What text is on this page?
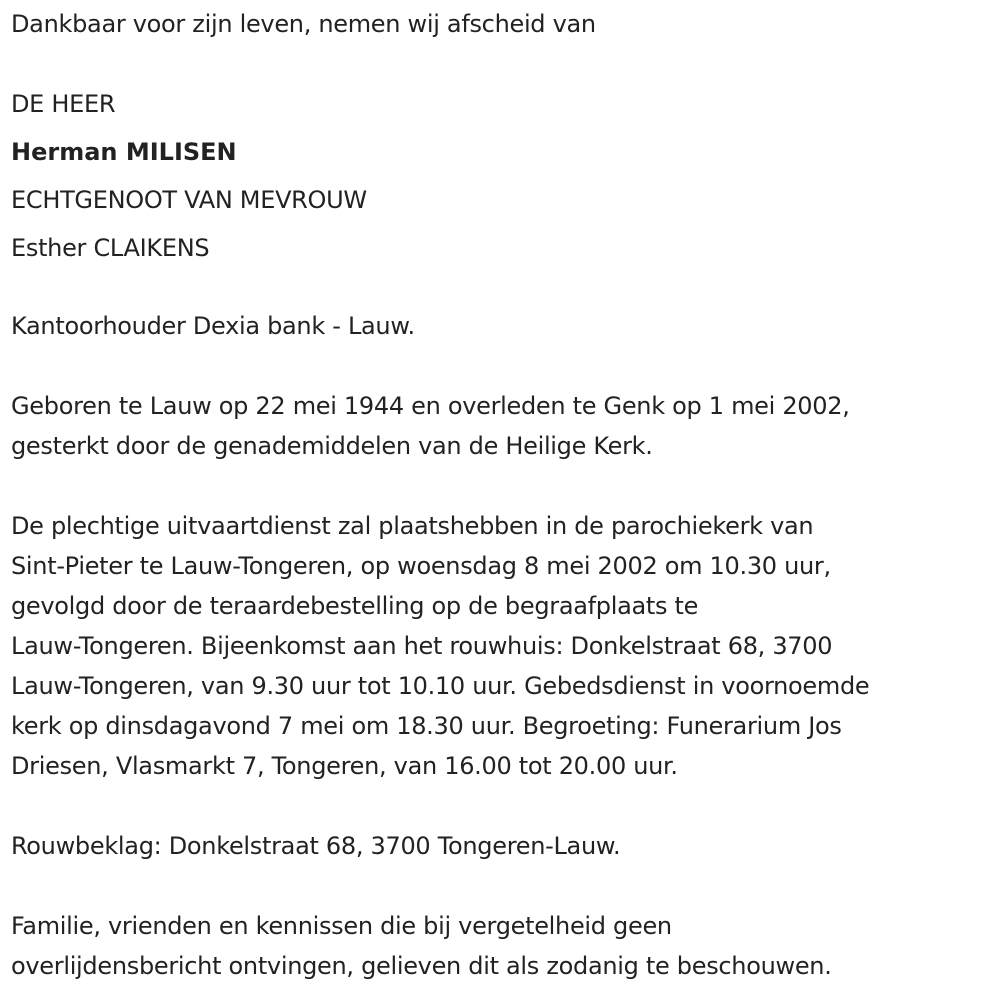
Dankbaar voor zijn leven, nemen wij afscheid van

DE HEER

Herman MILISEN

ECHTGENOOT VAN MEVROUW

Esther CLAIKENS

Kantoorhouder Dexia bank - Lauw.

Geboren te Lauw op 22 mei 1944 en overleden te Genk op 1 mei 2002,

gesterkt door de genademiddelen van de Heilige Kerk.

De plechtige uitvaartdienst zal plaatshebben in de parochiekerk van

Sint-Pieter te Lauw-Tongeren, op woensdag 8 mei 2002 om 10.30 uur,

gevolgd door de teraardebestelling op de begraafplaats te

Lauw-Tongeren. Bijeenkomst aan het rouwhuis: Donkelstraat 68, 3700

Lauw-Tongeren, van 9.30 uur tot 10.10 uur. Gebedsdienst in voornoemde

kerk op dinsdagavond 7 mei om 18.30 uur. Begroeting: Funerarium Jos

Driesen, Vlasmarkt 7, Tongeren, van 16.00 tot 20.00 uur.

Rouwbeklag: Donkelstraat 68, 3700 Tongeren-Lauw.

Familie, vrienden en kennissen die bij vergetelheid geen

overlijdensbericht ontvingen, gelieven dit als zodanig te beschouwen.
